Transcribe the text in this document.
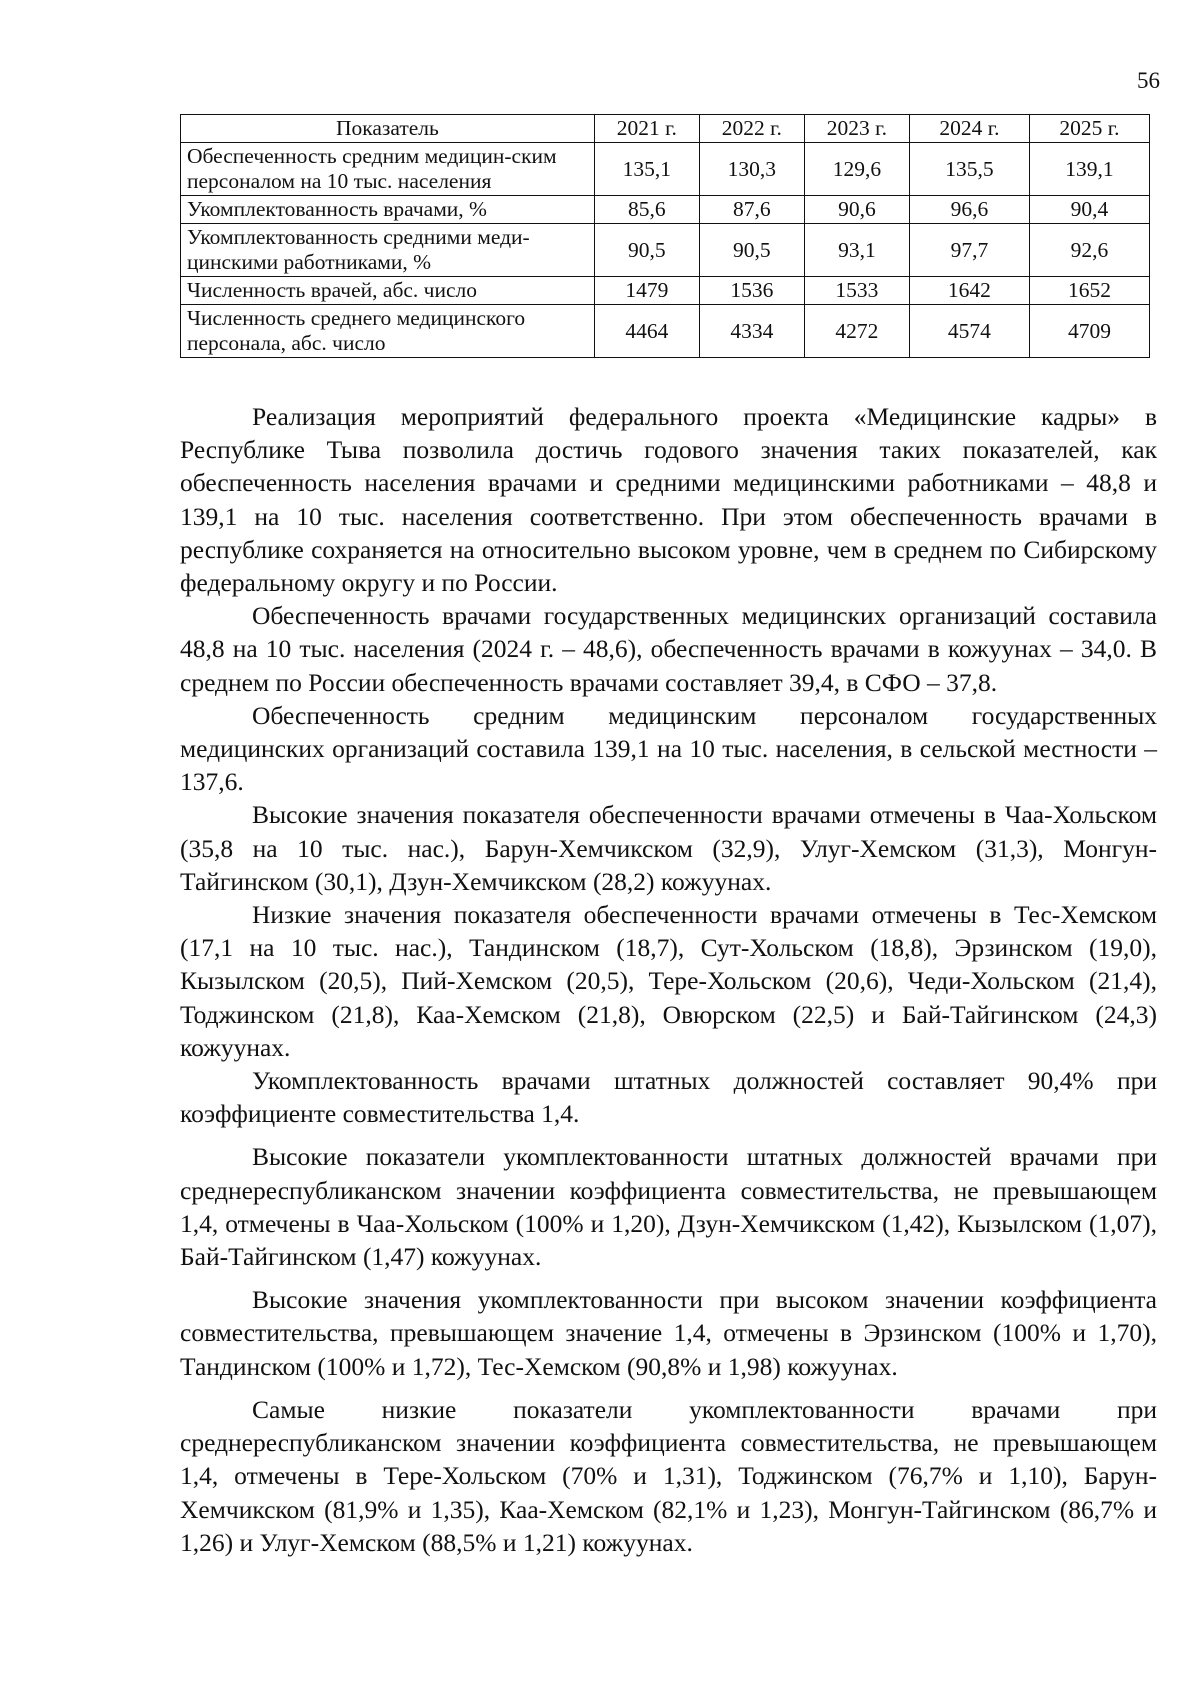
56
Показатель	2021 г.	2022 г.	2023 г.	2024 г.	2025 г.
Обеспеченность средним медицин-ским персоналом на 10 тыс. населения	135,1	130,3	129,6	135,5	139,1
Укомплектованность врачами, %	85,6	87,6	90,6	96,6	90,4
Укомплектованность средними меди-цинскими работниками, %	90,5	90,5	93,1	97,7	92,6
Численность врачей, абс. число	1479	1536	1533	1642	1652
Численность среднего медицинского персонала, абс. число	4464	4334	4272	4574	4709

Реализация мероприятий федерального проекта «Медицинские кадры» в Республике Тыва позволила достичь годового значения таких показателей, как обеспеченность населения врачами и средними медицинскими работниками – 48,8 и 139,1 на 10 тыс. населения соответственно. При этом обеспеченность врачами в республике сохраняется на относительно высоком уровне, чем в среднем по Сибирскому федеральному округу и по России.

Обеспеченность врачами государственных медицинских организаций составила 48,8 на 10 тыс. населения (2024 г. – 48,6), обеспеченность врачами в кожуунах – 34,0. В среднем по России обеспеченность врачами составляет 39,4, в СФО – 37,8.

Обеспеченность средним медицинским персоналом государственных медицинских организаций составила 139,1 на 10 тыс. населения, в сельской местности – 137,6.

Высокие значения показателя обеспеченности врачами отмечены в Чаа-Хольском (35,8 на 10 тыс. нас.), Барун-Хемчикском (32,9), Улуг-Хемском (31,3), Монгун-Тайгинском (30,1), Дзун-Хемчикском (28,2) кожуунах.

Низкие значения показателя обеспеченности врачами отмечены в Тес-Хемском (17,1 на 10 тыс. нас.), Тандинском (18,7), Сут-Хольском (18,8), Эрзинском (19,0), Кызылском (20,5), Пий-Хемском (20,5), Тере-Хольском (20,6), Чеди-Хольском (21,4), Тоджинском (21,8), Каа-Хемском (21,8), Овюрском (22,5) и Бай-Тайгинском (24,3) кожуунах.

Укомплектованность врачами штатных должностей составляет 90,4% при коэффициенте совместительства 1,4.

Высокие показатели укомплектованности штатных должностей врачами при среднереспубликанском значении коэффициента совместительства, не превышающем 1,4, отмечены в Чаа-Хольском (100% и 1,20), Дзун-Хемчикском (1,42), Кызылском (1,07), Бай-Тайгинском (1,47) кожуунах.

Высокие значения укомплектованности при высоком значении коэффициента совместительства, превышающем значение 1,4, отмечены в Эрзинском (100% и 1,70), Тандинском (100% и 1,72), Тес-Хемском (90,8% и 1,98) кожуунах.

Самые низкие показатели укомплектованности врачами при среднереспубликанском значении коэффициента совместительства, не превышающем 1,4, отмечены в Тере-Хольском (70% и 1,31), Тоджинском (76,7% и 1,10), Барун-Хемчикском (81,9% и 1,35), Каа-Хемском (82,1% и 1,23), Монгун-Тайгинском (86,7% и 1,26) и Улуг-Хемском (88,5% и 1,21) кожуунах.
